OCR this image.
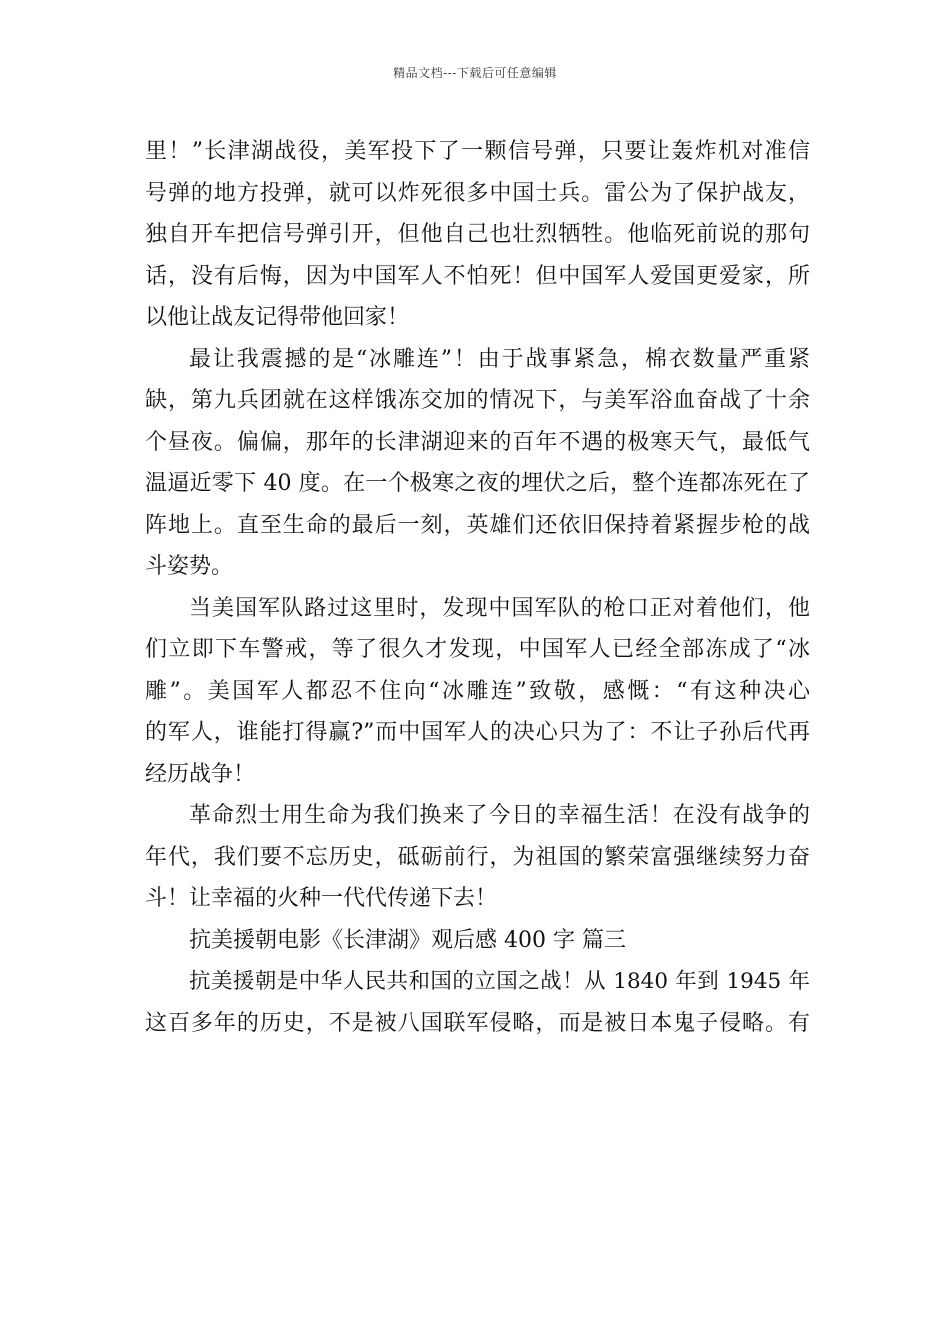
精品文档---下载后可任意编辑
里！”长津湖战役，美军投下了一颗信号弹，只要让轰炸机对准信
号弹的地方投弹，就可以炸死很多中国士兵。雷公为了保护战友，
独自开车把信号弹引开，但他自己也壮烈牺牲。他临死前说的那句
话，没有后悔，因为中国军人不怕死！但中国军人爱国更爱家，所
以他让战友记得带他回家！
最让我震撼的是“冰雕连”！由于战事紧急，棉衣数量严重紧
缺，第九兵团就在这样饿冻交加的情况下，与美军浴血奋战了十余
个昼夜。偏偏，那年的长津湖迎来的百年不遇的极寒天气，最低气
温逼近零下 40 度。在一个极寒之夜的埋伏之后，整个连都冻死在了
阵地上。直至生命的最后一刻，英雄们还依旧保持着紧握步枪的战
斗姿势。
当美国军队路过这里时，发现中国军队的枪口正对着他们，他
们立即下车警戒，等了很久才发现，中国军人已经全部冻成了“冰
雕”。美国军人都忍不住向“冰雕连”致敬，感慨：“有这种决心
的军人，谁能打得赢?”而中国军人的决心只为了：不让子孙后代再
经历战争！
革命烈士用生命为我们换来了今日的幸福生活！在没有战争的
年代，我们要不忘历史，砥砺前行，为祖国的繁荣富强继续努力奋
斗！让幸福的火种一代代传递下去！
抗美援朝电影《长津湖》观后感 400 字 篇三
抗美援朝是中华人民共和国的立国之战！从 1840 年到 1945 年
这百多年的历史，不是被八国联军侵略，而是被日本鬼子侵略。有
